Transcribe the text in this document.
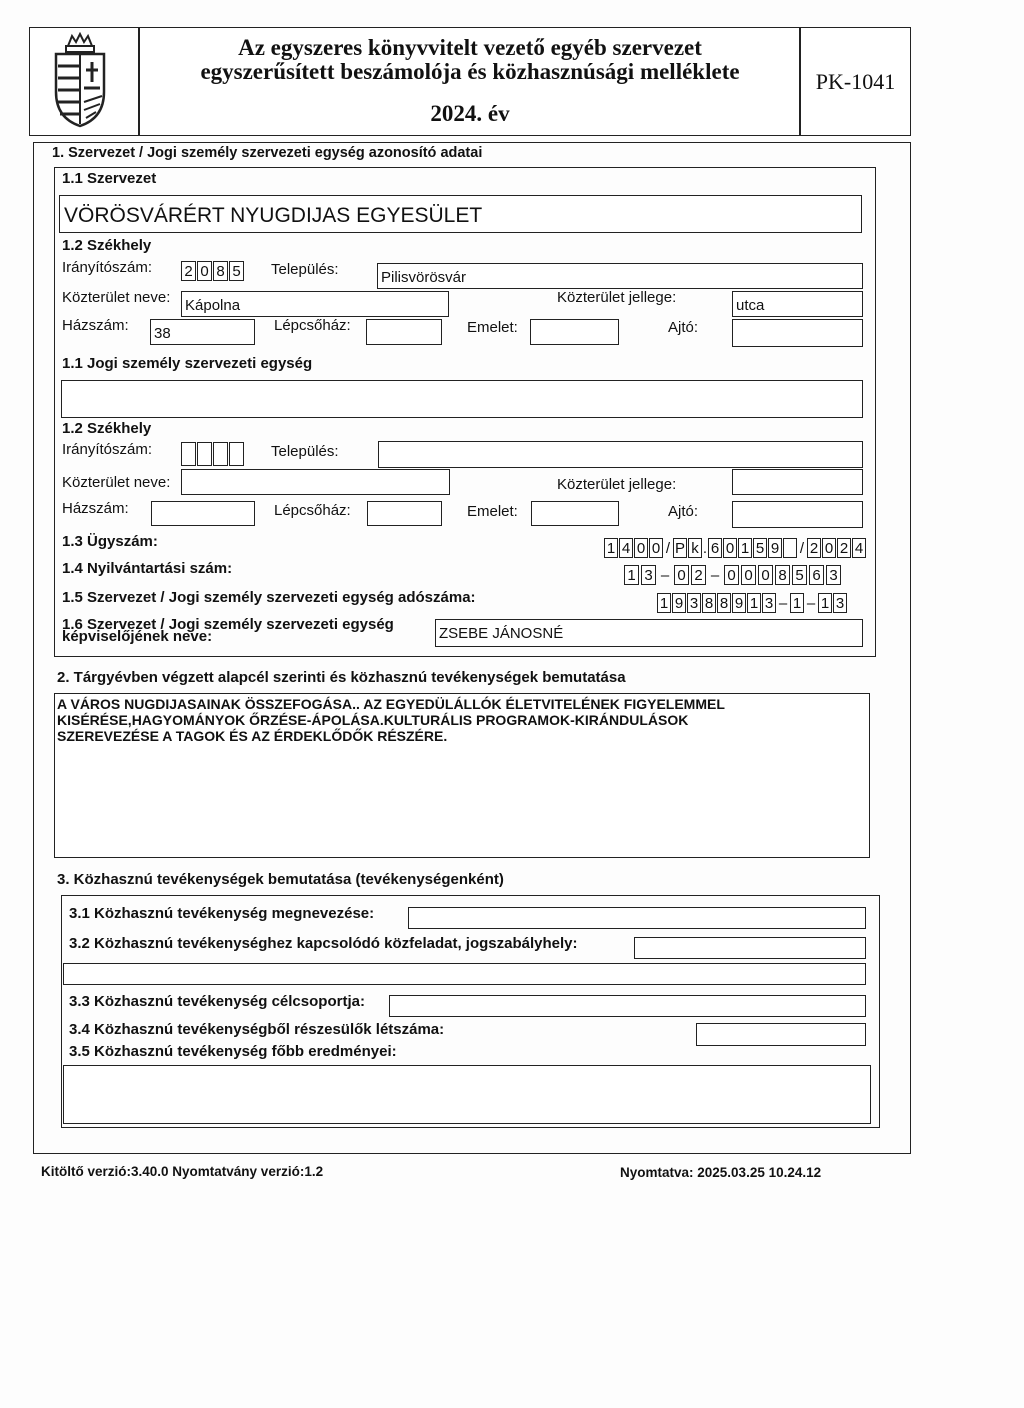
Az egyszeres könyvvitelt vezető egyéb szervezet
egyszerűsített beszámolója és közhasznúsági melléklete
2024. év
PK-1041
1. Szervezet / Jogi személy szervezeti egység azonosító adatai
1.1 Szervezet
VÖRÖSVÁRÉRT NYUGDIJAS EGYESÜLET
1.2 Székhely
Irányítószám: 2 0 8 5 Település:	Pilisvörösvár
Közterület neve: Kápolna	Közterület jellege:	utca
Házszám: 38	Lépcsőház:	Emelet:	Ajtó:
1.1 Jogi személy szervezeti egység
1.2 Székhely
Irányítószám:	Település:
Közterület neve:	Közterület jellege:
Házszám:	Lépcsőház:	Emelet:	Ajtó:
1.3 Ügyszám:	1 4 0 0 / P k . 6 0 1 5 9 / 2 0 2 4
1.4 Nyilvántartási szám:	1 3 – 0 2 – 0 0 0 8 5 6 3
1.5 Szervezet / Jogi személy szervezeti egység adószáma:	1 9 3 8 8 9 1 3 – 1 – 1 3
1.6 Szervezet / Jogi személy szervezeti egység
képviselőjének neve:	ZSEBE JÁNOSNÉ
2. Tárgyévben végzett alapcél szerinti és közhasznú tevékenységek bemutatása
A VÁROS NUGDIJASAINAK ÖSSZEFOGÁSA.. AZ EGYEDÜLÁLLÓK ÉLETVITELÉNEK FIGYELEMMEL
KISÉRÉSE,HAGYOMÁNYOK ŐRZÉSE-ÁPOLÁSA.KULTURÁLIS PROGRAMOK-KIRÁNDULÁSOK
SZEREVEZÉSE A TAGOK ÉS AZ ÉRDEKLŐDŐK RÉSZÉRE.
3. Közhasznú tevékenységek bemutatása (tevékenységenként)
3.1 Közhasznú tevékenység megnevezése:
3.2 Közhasznú tevékenységhez kapcsolódó közfeladat, jogszabályhely:
3.3 Közhasznú tevékenység célcsoportja:
3.4 Közhasznú tevékenységből részesülők létszáma:
3.5 Közhasznú tevékenység főbb eredményei:
Kitöltő verzió:3.40.0 Nyomtatvány verzió:1.2	Nyomtatva: 2025.03.25 10.24.12
